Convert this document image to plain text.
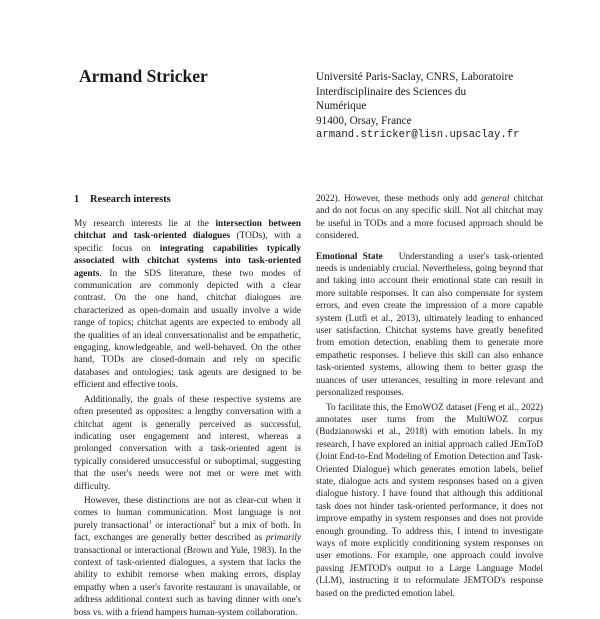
Armand Stricker	Université Paris-Saclay, CNRS, Laboratoire
Interdisciplinaire des Sciences du
Numérique
91400, Orsay, France
armand.stricker@lisn.upsaclay.fr
1 Research interests

My research interests lie at the intersection between chitchat and task-oriented dialogues (TODs), with a specific focus on integrating capabilities typically associated with chitchat systems into task-oriented agents. In the SDS literature, these two modes of communication are commonly depicted with a clear contrast. On the one hand, chitchat dialogues are characterized as open-domain and usually involve a wide range of topics; chitchat agents are expected to embody all the qualities of an ideal conversationalist and be empathetic, engaging, knowledgeable, and well-behaved. On the other hand, TODs are closed-domain and rely on specific databases and ontologies; task agents are designed to be efficient and effective tools.

Additionally, the goals of these respective systems are often presented as opposites: a lengthy conversation with a chitchat agent is generally perceived as successful, indicating user engagement and interest, whereas a prolonged conversation with a task-oriented agent is typically considered unsuccessful or suboptimal, suggesting that the user's needs were not met or were met with difficulty.

However, these distinctions are not as clear-cut when it comes to human communication. Most language is not purely transactional$^1$ or interactional$^2$ but a mix of both. In fact, exchanges are generally better described as primarily transactional or interactional (Brown and Yule, 1983). In the context of task-oriented dialogues, a system that lacks the ability to exhibit remorse when making errors, display empathy when a user's favorite restaurant is unavailable, or address additional context such as having dinner with one's boss vs. with a friend hampers human-system collaboration.

2022). However, these methods only add general chitchat and do not focus on any specific skill. Not all chitchat may be useful in TODs and a more focused approach should be considered.

Emotional State Understanding a user's task-oriented needs is undeniably crucial. Nevertheless, going beyond that and taking into account their emotional state can result in more suitable responses. It can also compensate for system errors, and even create the impression of a more capable system (Lutfi et al., 2013), ultimately leading to enhanced user satisfaction. Chitchat systems have greatly benefited from emotion detection, enabling them to generate more empathetic responses. I believe this skill can also enhance task-oriented systems, allowing them to better grasp the nuances of user utterances, resulting in more relevant and personalized responses.

To facilitate this, the EmoWOZ dataset (Feng et al., 2022) annotates user turns from the MultiWOZ corpus (Budzianowski et al., 2018) with emotion labels. In my research, I have explored an initial approach called JEmToD (Joint End-to-End Modeling of Emotion Detection and Task-Oriented Dialogue) which generates emotion labels, belief state, dialogue acts and system responses based on a given dialogue history. I have found that although this additional task does not hinder task-oriented performance, it does not improve empathy in system responses and does not provide enough grounding. To address this, I intend to investigate ways of more explicitly conditioning system responses on user emotions. For example, one approach could involve passing JEMTOD's output to a Large Language Model (LLM), instructing it to reformulate JEMTOD's response based on the predicted emotion label.
